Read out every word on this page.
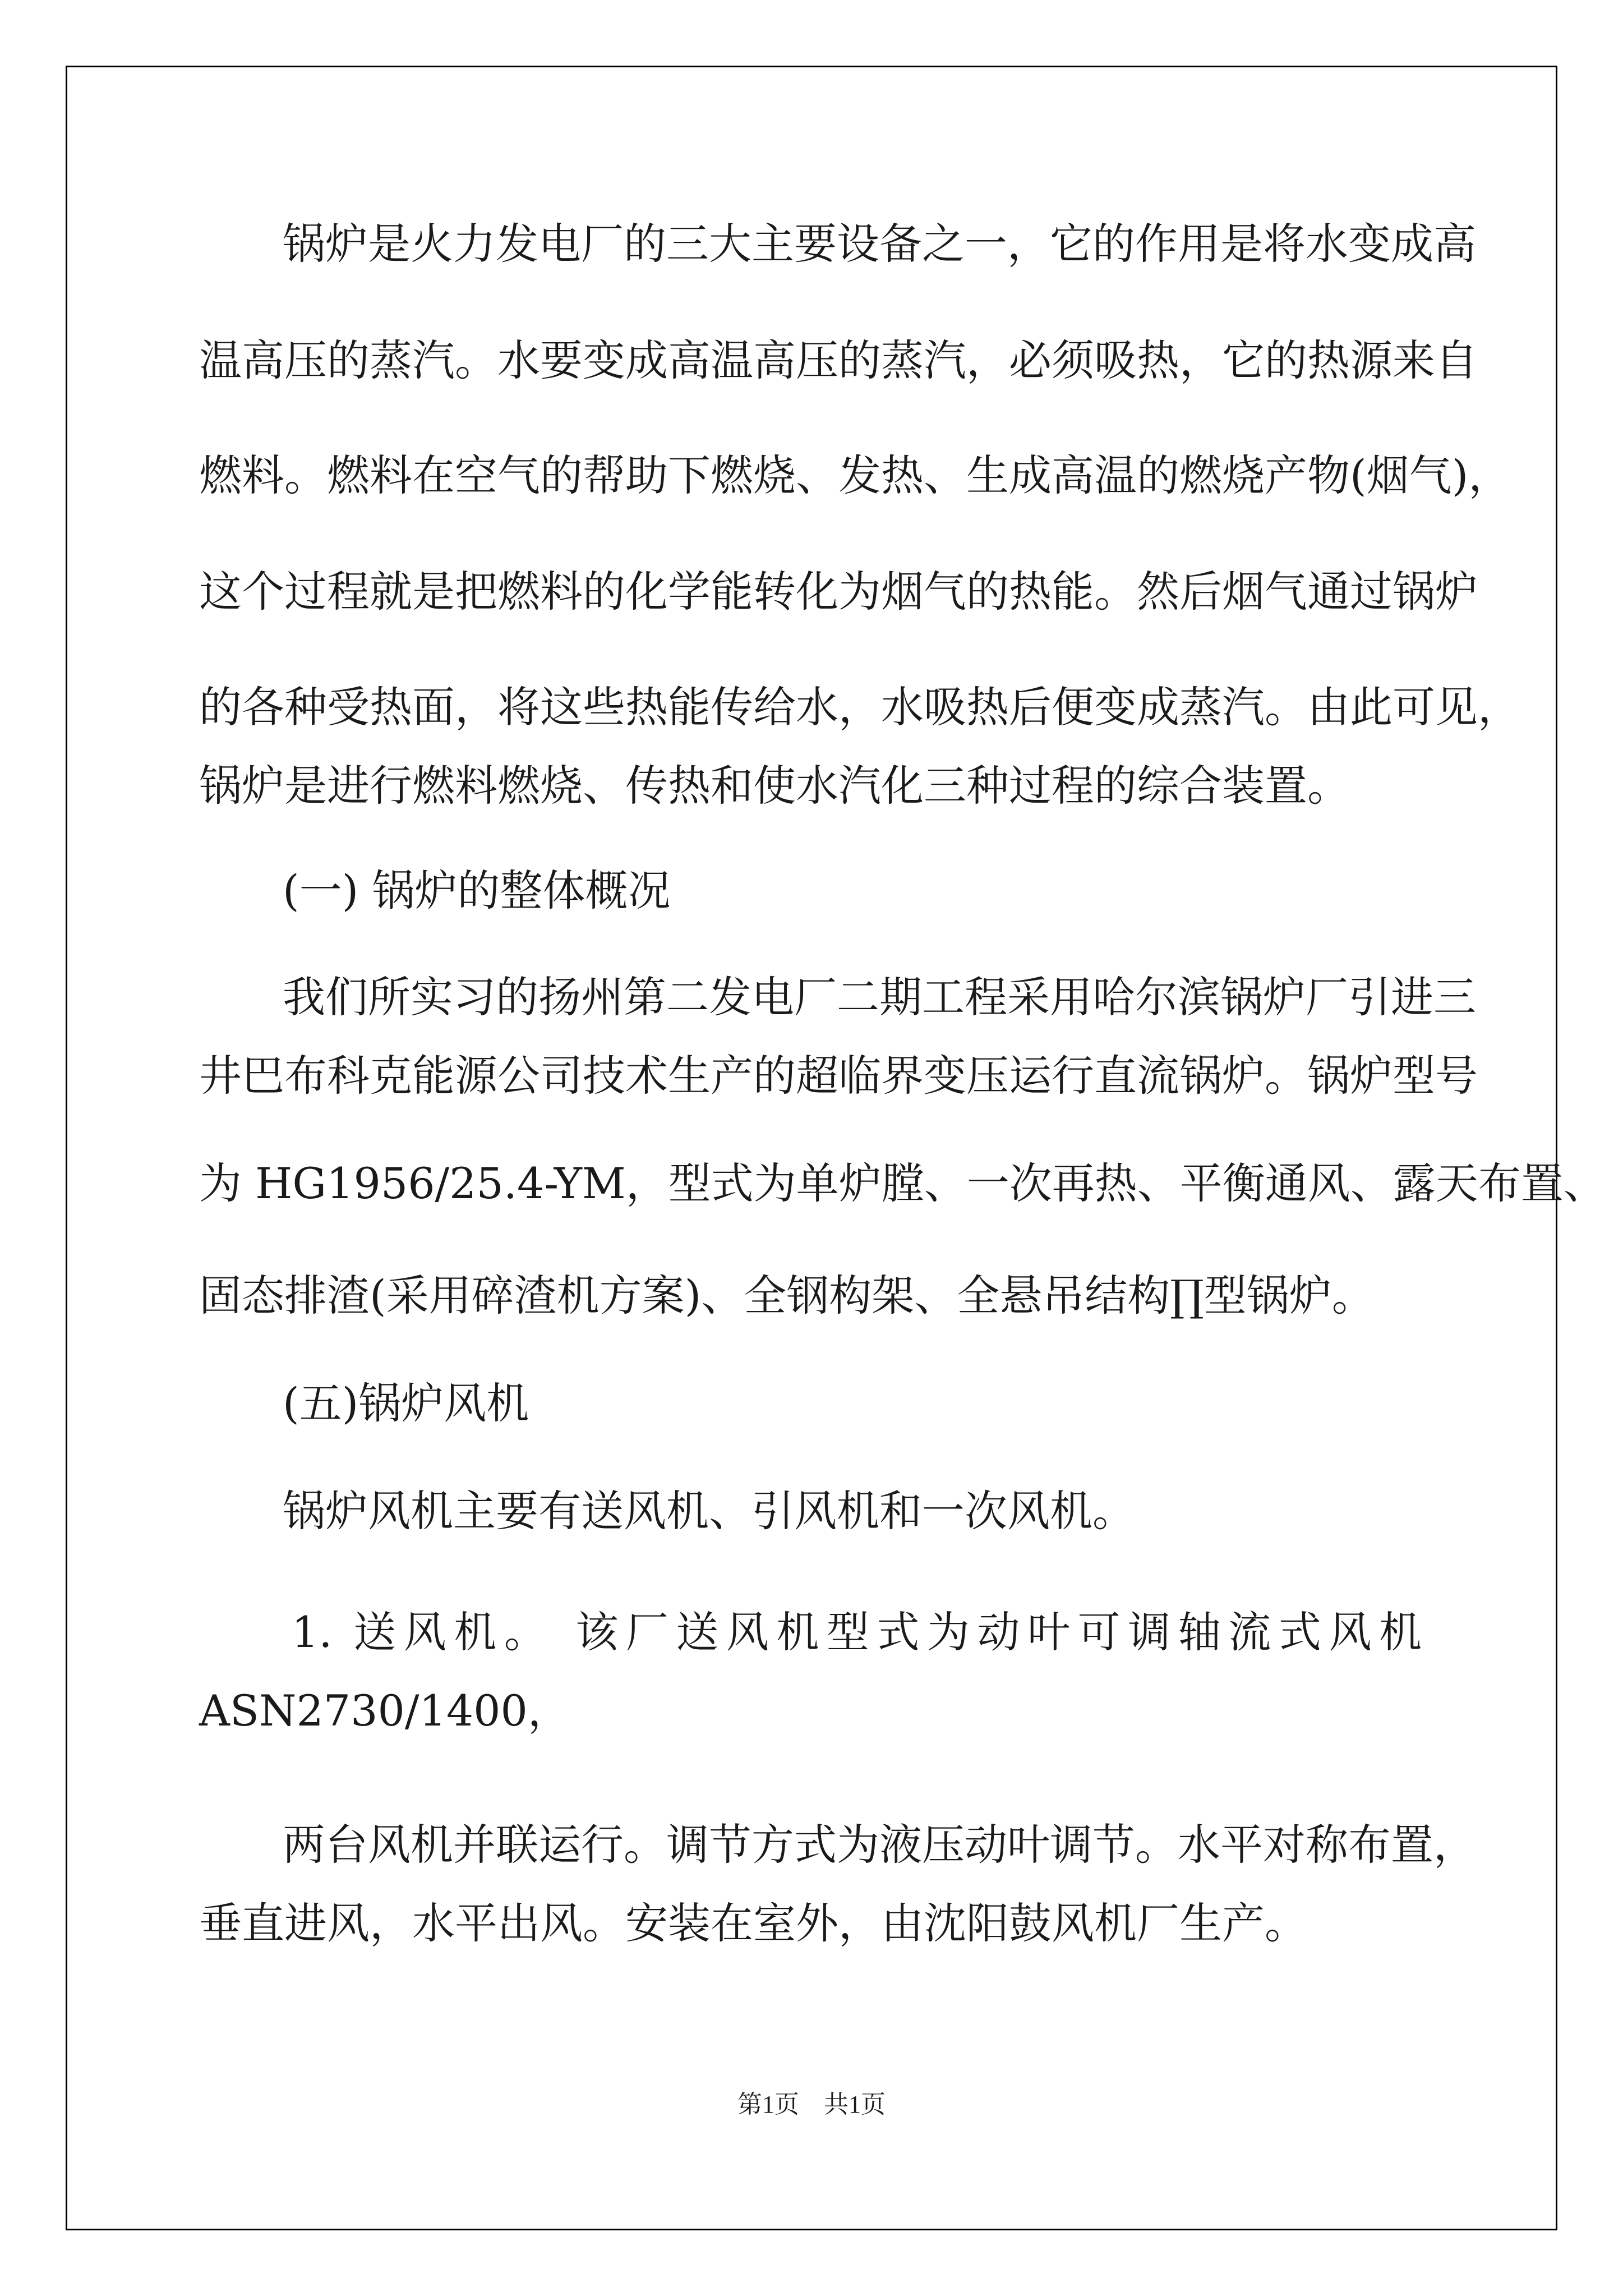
锅炉是火力发电厂的三大主要设备之一，它的作用是将水变成高

温高压的蒸汽。水要变成高温高压的蒸汽，必须吸热，它的热源来自

燃料。燃料在空气的帮助下燃烧、发热、生成高温的燃烧产物(烟气)，

这个过程就是把燃料的化学能转化为烟气的热能。然后烟气通过锅炉

的各种受热面，将这些热能传给水，水吸热后便变成蒸汽。由此可见，

锅炉是进行燃料燃烧、传热和使水汽化三种过程的综合装置。

(一) 锅炉的整体概况

我们所实习的扬州第二发电厂二期工程采用哈尔滨锅炉厂引进三

井巴布科克能源公司技术生产的超临界变压运行直流锅炉。锅炉型号

为 HG1956/25.4-YM，型式为单炉膛、一次再热、平衡通风、露天布置、

固态排渣(采用碎渣机方案)、全钢构架、全悬吊结构∏型锅炉。

(五)锅炉风机

锅炉风机主要有送风机、引风机和一次风机。

1. 送风机。 该厂送风机型式为动叶可调轴流式风机

ASN2730/1400，

两台风机并联运行。调节方式为液压动叶调节。水平对称布置，

垂直进风，水平出风。安装在室外，由沈阳鼓风机厂生产。

第1页　共1页
